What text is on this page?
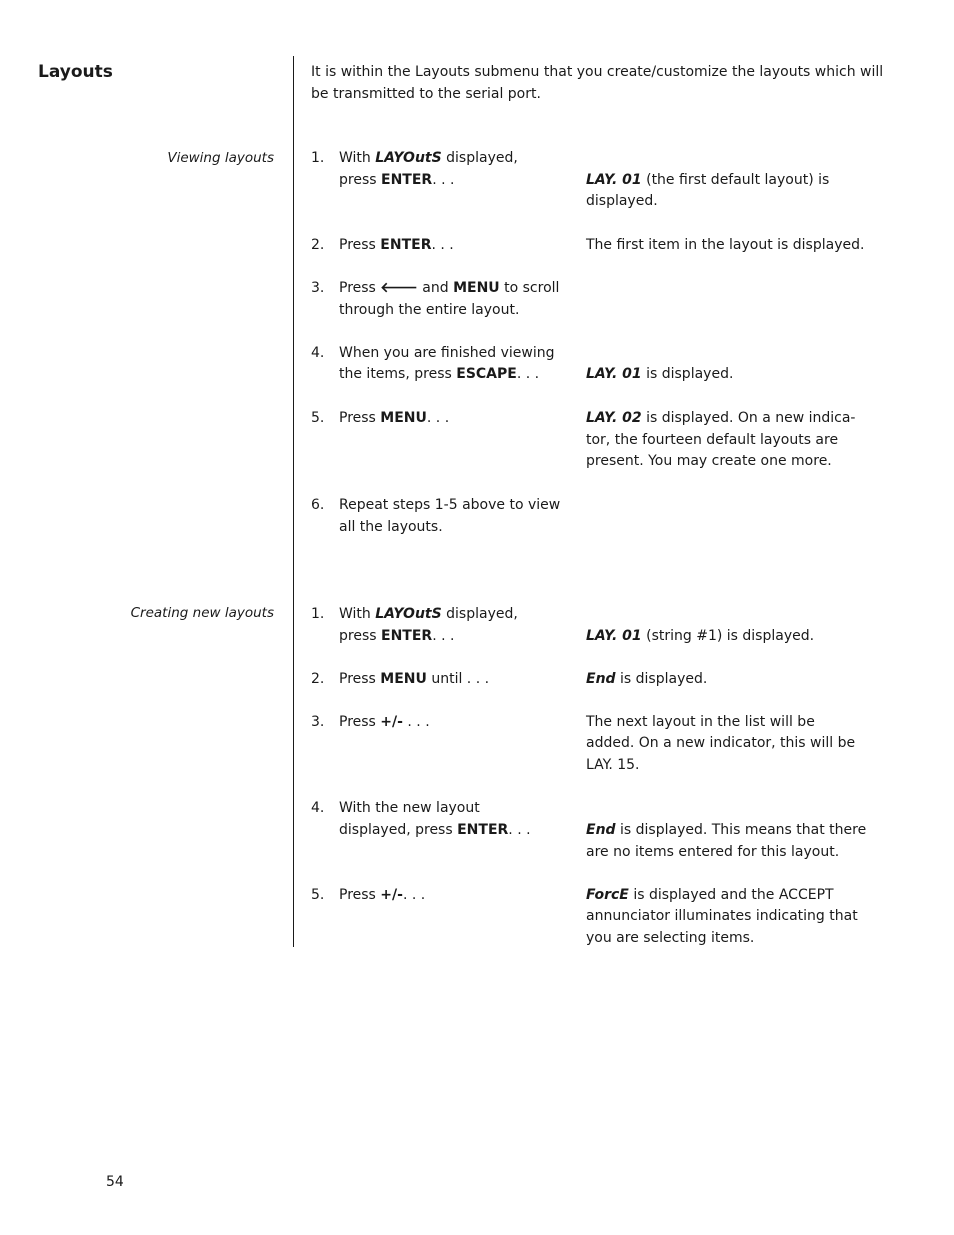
Layouts	It is within the Layouts submenu that you create/customize the layouts which will
be transmitted to the serial port.
Viewing layouts	1.	With LAYOutS displayed,
press ENTER. . .	LAY. 01 (the first default layout) is
displayed.
2.	Press ENTER. . .	The first item in the layout is displayed.
3.	Press 🡐 and MENU to scroll
through the entire layout.
4.	When you are finished viewing
the items, press ESCAPE. . .	LAY. 01 is displayed.
5.	Press MENU. . .	LAY. 02 is displayed. On a new indica-
tor, the fourteen default layouts are
present. You may create one more.
6.	Repeat steps 1-5 above to view
all the layouts.
Creating new layouts	1.	With LAYOutS displayed,
press ENTER. . .	LAY. 01 (string #1) is displayed.
2.	Press MENU until . . .	End is displayed.
3.	Press +/- . . .	The next layout in the list will be
added. On a new indicator, this will be
LAY. 15.
4.	With the new layout
displayed, press ENTER. . .	End is displayed. This means that there
are no items entered for this layout.
5.	Press +/-. . .	ForcE is displayed and the ACCEPT
annunciator illuminates indicating that
you are selecting items.
54
